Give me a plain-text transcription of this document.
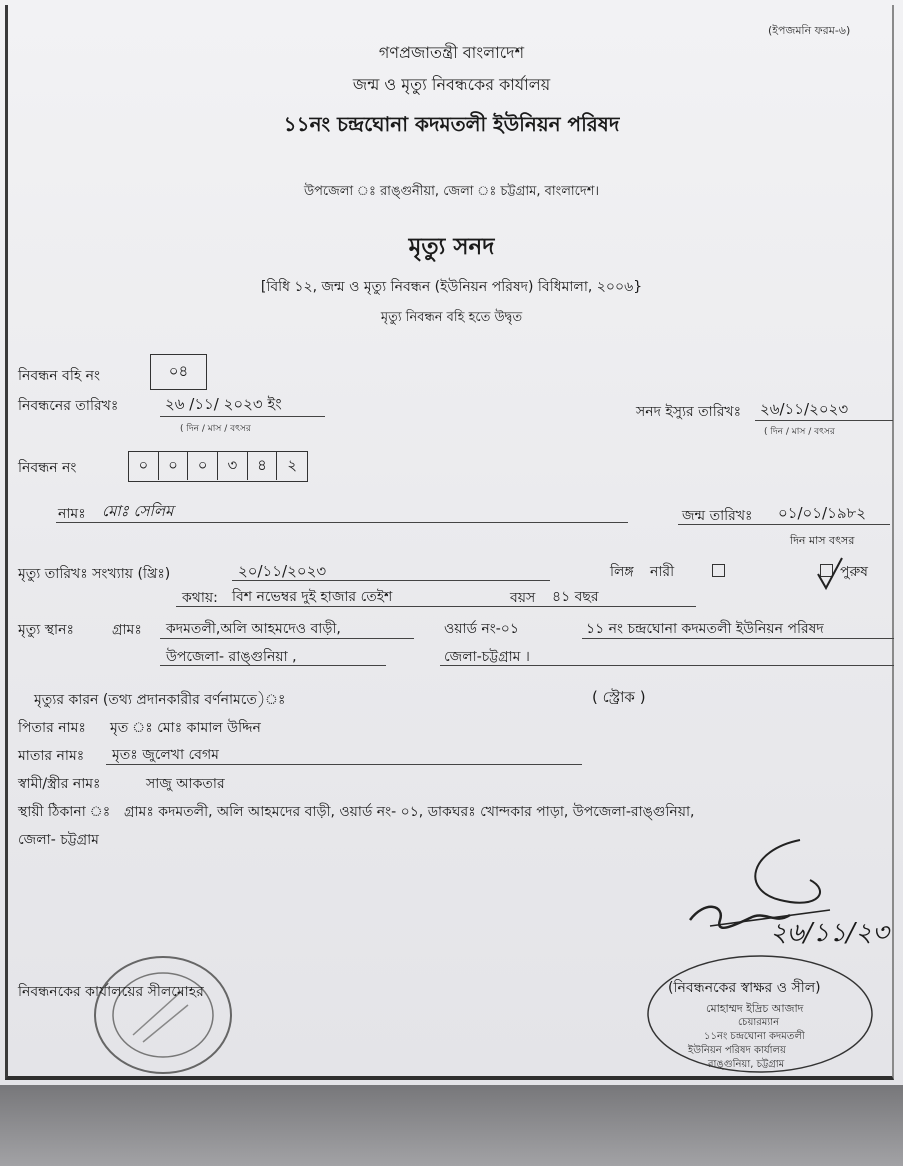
(ইপজমনি ফরম-৬)
গণপ্রজাতন্ত্রী বাংলাদেশ
জন্ম ও মৃত্যু নিবন্ধকের কার্যালয়
১১নং চন্দ্রঘোনা কদমতলী ইউনিয়ন পরিষদ
উপজেলা ঃ রাঙ্গুনীয়া, জেলা ঃ চট্টগ্রাম, বাংলাদেশ।
মৃত্যু সনদ
[বিধি ১২, জন্ম ও মৃত্যু নিবন্ধন (ইউনিয়ন পরিষদ) বিধিমালা, ২০০৬}
মৃত্যু নিবন্ধন বহি হতে উদ্বৃত
নিবন্ধন বহি নং	০৪
নিবন্ধনের তারিখঃ	২৬ /১১/ ২০২৩ ইং
( দিন / মাস / বৎসর
সনদ ইস্যুর তারিখঃ ২৬/১১/২০২৩
( দিন / মাস / বৎসর
নিবন্ধন নং	০	০	০	৩	৪	২
নামঃ মোঃ সেলিম	জন্ম তারিখঃ ০১/০১/১৯৮২
দিন মাস বৎসর
মৃত্যু তারিখঃ সংখ্যায় (খ্রিঃ)	২০/১১/২০২৩	লিঙ্গ নারী	পুরুষ
কথায়: বিশ নভেম্বর দুই হাজার তেইশ	বয়স ৪১ বছর
মৃত্যু স্থানঃ	গ্রামঃ কদমতলী,অলি আহমদেও বাড়ী,	ওয়ার্ড নং-০১	১১ নং চন্দ্রঘোনা কদমতলী ইউনিয়ন পরিষদ
উপজেলা- রাঙ্গুনিয়া ,	জেলা-চট্টগ্রাম ।
মৃত্যুর কারন (তথ্য প্রদানকারীর বর্ণনামতে)ঃ	( স্ট্রোক )
পিতার নামঃ মৃত ঃ মোঃ কামাল উদ্দিন
মাতার নামঃ মৃতঃ জুলেখা বেগম
স্বামী/স্ত্রীর নামঃ	সাজু আকতার
স্থায়ী ঠিকানা ঃ গ্রামঃ কদমতলী, অলি আহমদের বাড়ী, ওয়ার্ড নং- ০১, ডাকঘরঃ খোন্দকার পাড়া, উপজেলা-রাঙ্গুনিয়া,
জেলা- চট্টগ্রাম
২৬/১১/২৩
(নিবন্ধনকের স্বাক্ষর ও সীল)
মোহাম্মদ ইদ্রিচ আজাদ
চেয়ারম্যান
১১নং চন্দ্রঘোনা কদমতলী
ইউনিয়ন পরিষদ কার্যালয়
রাঙ্গুনিয়া, চট্টগ্রাম
নিবন্ধনকের কার্যালয়ের সীলমোহর
